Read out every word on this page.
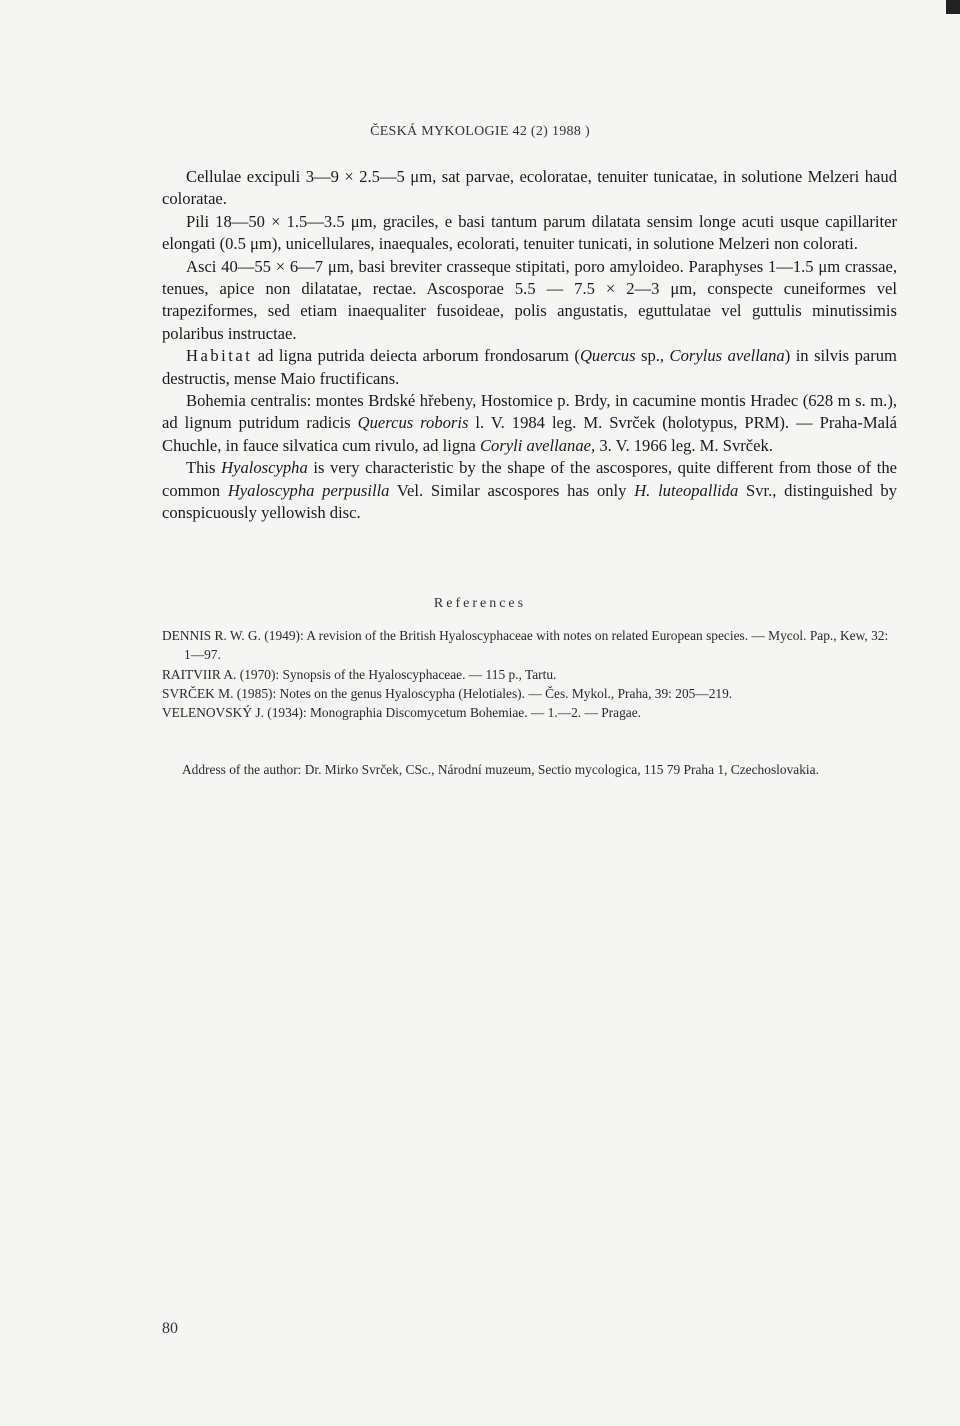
ČESKÁ MYKOLOGIE 42 (2) 1988 )

Cellulae excipuli 3—9 × 2.5—5 μm, sat parvae, ecoloratae, tenuiter tunicatae, in solutione Melzeri haud coloratae.

Pili 18—50 × 1.5—3.5 μm, graciles, e basi tantum parum dilatata sensim longe acuti usque capillariter elongati (0.5 μm), unicellulares, inaequales, ecolorati, tenuiter tunicati, in solutione Melzeri non colorati.

Asci 40—55 × 6—7 μm, basi breviter crasseque stipitati, poro amyloideo. Paraphyses 1—1.5 μm crassae, tenues, apice non dilatatae, rectae. Ascosporae 5.5 — 7.5 × 2—3 μm, conspecte cuneiformes vel trapeziformes, sed etiam inaequaliter fusoideae, polis angustatis, eguttulatae vel guttulis minutissimis polaribus instructae.

Habitat ad ligna putrida deiecta arborum frondosarum (Quercus sp., Corylus avellana) in silvis parum destructis, mense Maio fructificans.

Bohemia centralis: montes Brdské hřebeny, Hostomice p. Brdy, in cacumine montis Hradec (628 m s. m.), ad lignum putridum radicis Quercus roboris l. V. 1984 leg. M. Svrček (holotypus, PRM). — Praha-Malá Chuchle, in fauce silvatica cum rivulo, ad ligna Coryli avellanae, 3. V. 1966 leg. M. Svrček.

This Hyaloscypha is very characteristic by the shape of the ascospores, quite different from those of the common Hyaloscypha perpusilla Vel. Similar ascospores has only H. luteopallida Svr., distinguished by conspicuously yellowish disc.

References

DENNIS R. W. G. (1949): A revision of the British Hyaloscyphaceae with notes on related European species. — Mycol. Pap., Kew, 32: 1—97.

RAITVIIR A. (1970): Synopsis of the Hyaloscyphaceae. — 115 p., Tartu.

SVRČEK M. (1985): Notes on the genus Hyaloscypha (Helotiales). — Čes. Mykol., Praha, 39: 205—219.

VELENOVSKÝ J. (1934): Monographia Discomycetum Bohemiae. — 1.—2. — Pragae.

Address of the author: Dr. Mirko Svrček, CSc., Národní muzeum, Sectio mycologica, 115 79 Praha 1, Czechoslovakia.
80
